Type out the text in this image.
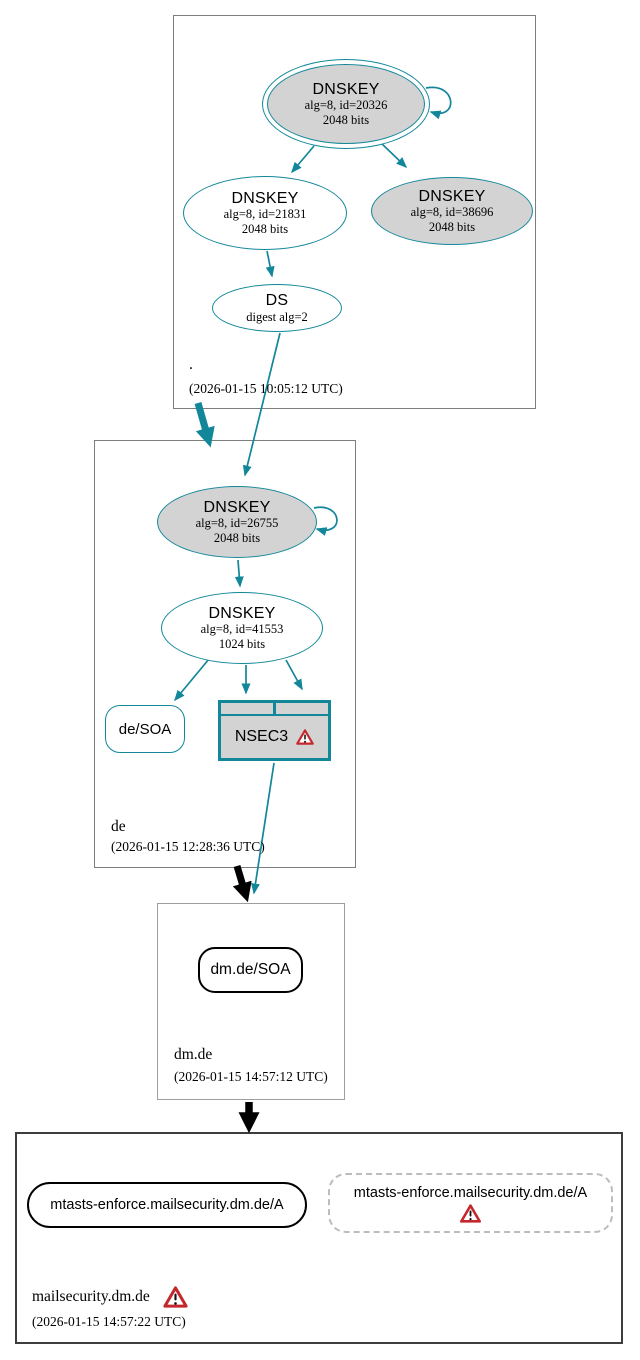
DNSKEY
alg=8, id=20326
2048 bits
DNSKEY
alg=8, id=21831
2048 bits
DNSKEY
alg=8, id=38696
2048 bits
DS
digest alg=2
.
(2026-01-15 10:05:12 UTC)
DNSKEY
alg=8, id=26755
2048 bits
DNSKEY
alg=8, id=41553
1024 bits
de/SOA	NSEC3
de
(2026-01-15 12:28:36 UTC)
dm.de/SOA
dm.de
(2026-01-15 14:57:12 UTC)
mtasts-enforce.mailsecurity.dm.de/A
mtasts-enforce.mailsecurity.dm.de/A
mailsecurity.dm.de
(2026-01-15 14:57:22 UTC)
